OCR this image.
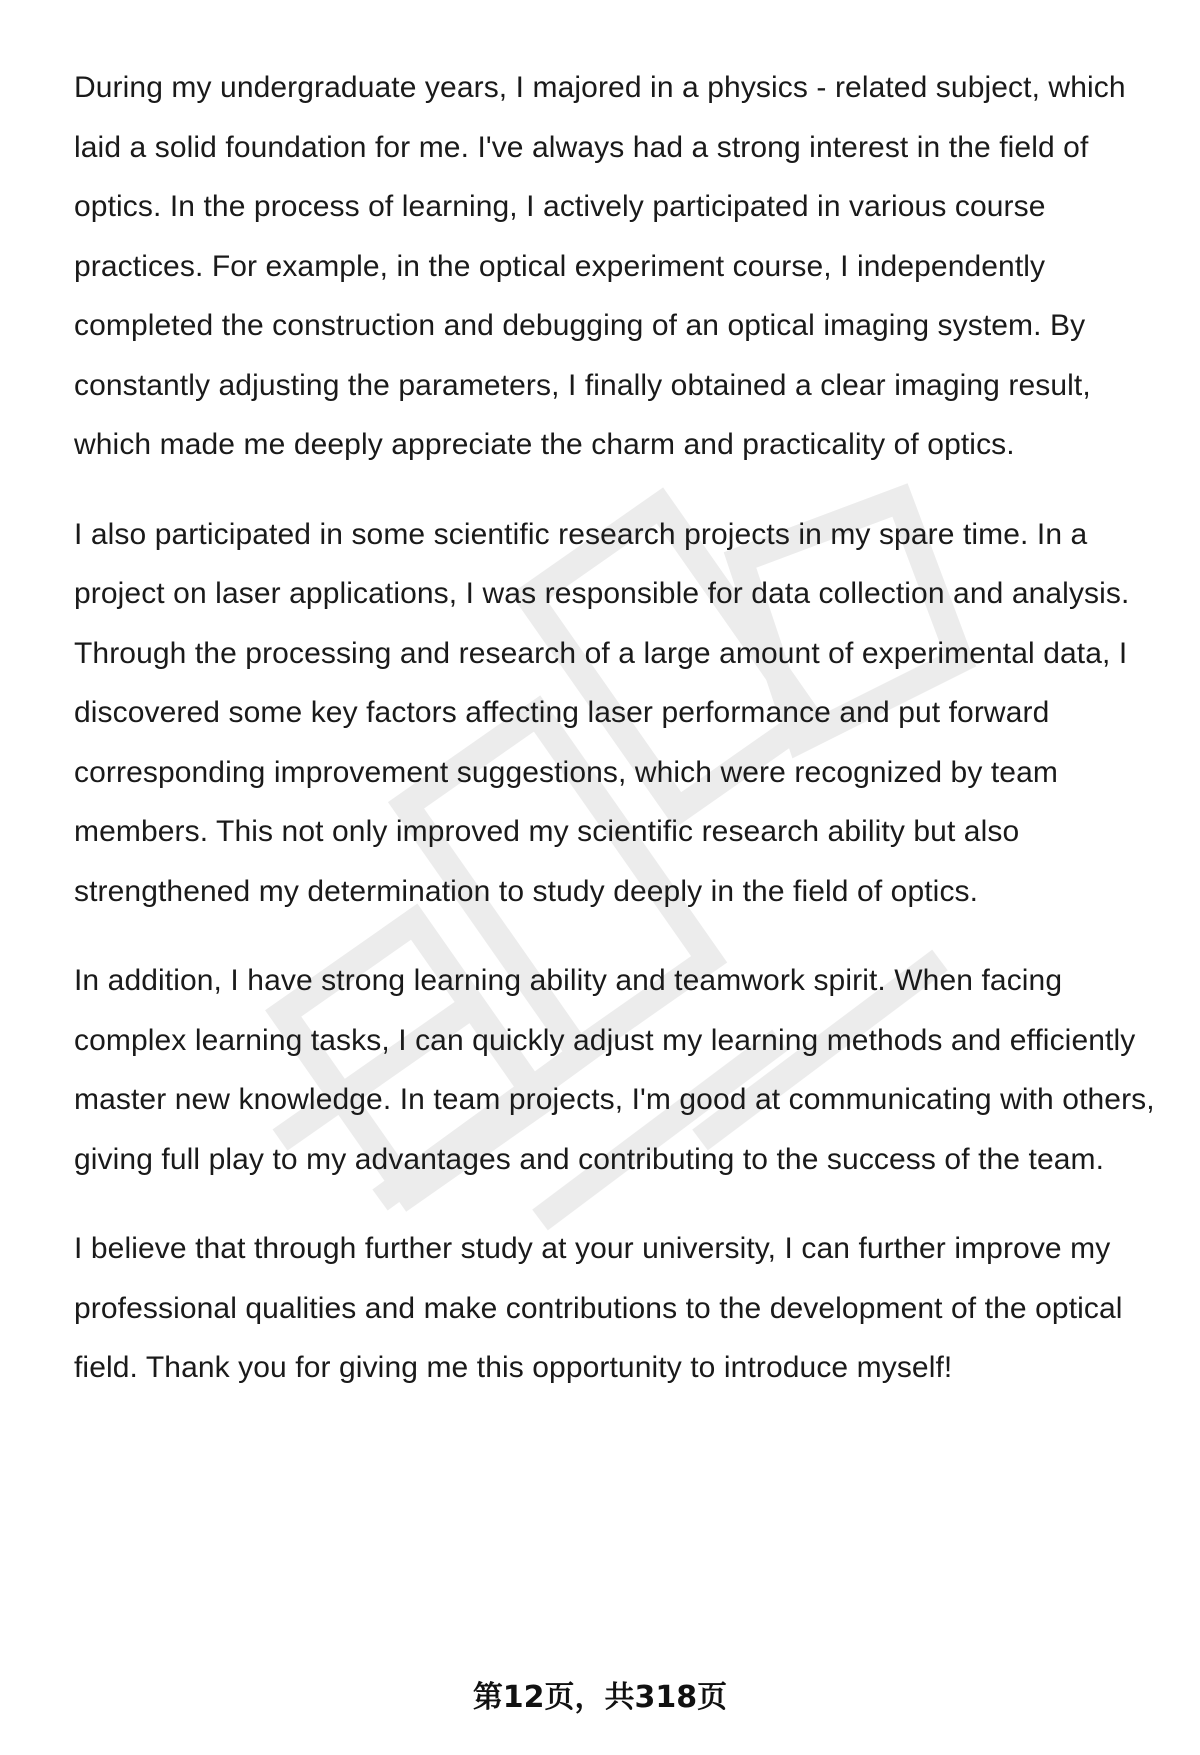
During my undergraduate years, I majored in a physics - related subject, which laid a solid foundation for me. I've always had a strong interest in the field of optics. In the process of learning, I actively participated in various course practices. For example, in the optical experiment course, I independently completed the construction and debugging of an optical imaging system. By constantly adjusting the parameters, I finally obtained a clear imaging result, which made me deeply appreciate the charm and practicality of optics.

I also participated in some scientific research projects in my spare time. In a project on laser applications, I was responsible for data collection and analysis. Through the processing and research of a large amount of experimental data, I discovered some key factors affecting laser performance and put forward corresponding improvement suggestions, which were recognized by team members. This not only improved my scientific research ability but also strengthened my determination to study deeply in the field of optics.

In addition, I have strong learning ability and teamwork spirit. When facing complex learning tasks, I can quickly adjust my learning methods and efficiently master new knowledge. In team projects, I'm good at communicating with others, giving full play to my advantages and contributing to the success of the team.

I believe that through further study at your university, I can further improve my professional qualities and make contributions to the development of the optical field. Thank you for giving me this opportunity to introduce myself!

第12页，共318页
